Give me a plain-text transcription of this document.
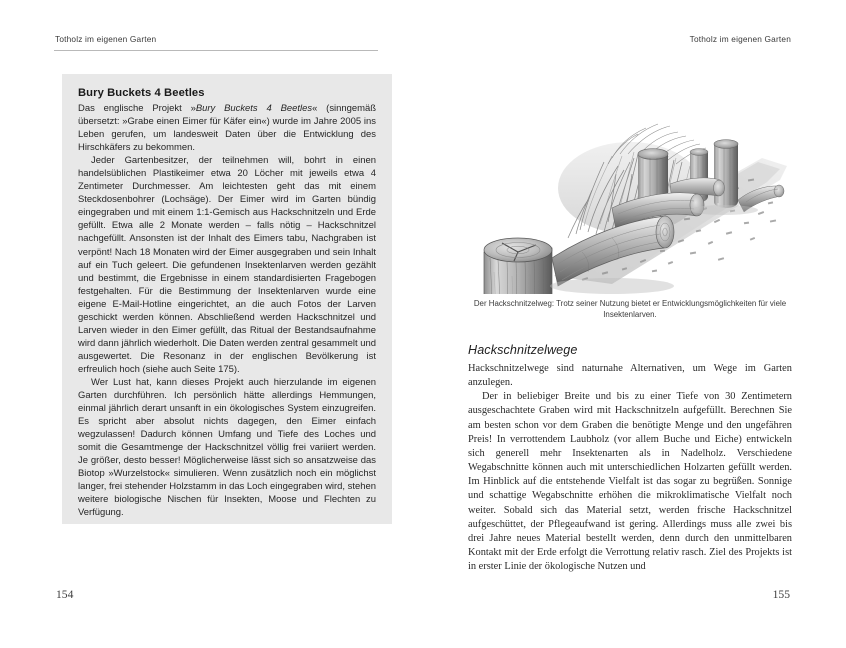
Totholz im eigenen Garten
Bury Buckets 4 Beetles

Das englische Projekt »Bury Buckets 4 Beetles« (sinngemäß übersetzt: »Grabe einen Eimer für Käfer ein«) wurde im Jahre 2005 ins Leben gerufen, um landesweit Daten über die Entwicklung des Hirschkäfers zu bekommen.

Jeder Gartenbesitzer, der teilnehmen will, bohrt in einen handelsüblichen Plastikeimer etwa 20 Löcher mit jeweils etwa 4 Zentimeter Durchmesser. Am leichtesten geht das mit einem Steckdosenbohrer (Lochsäge). Der Eimer wird im Garten bündig eingegraben und mit einem 1:1-Gemisch aus Hackschnitzeln und Erde gefüllt. Etwa alle 2 Monate werden – falls nötig – Hackschnitzel nachgefüllt. Ansonsten ist der Inhalt des Eimers tabu, Nachgraben ist verpönt! Nach 18 Monaten wird der Eimer ausgegraben und sein Inhalt auf ein Tuch geleert. Die gefundenen Insektenlarven werden gezählt und bestimmt, die Ergebnisse in einem standardisierten Fragebogen festgehalten. Für die Bestimmung der Insektenlarven wurde eine eigene E-Mail-Hotline eingerichtet, an die auch Fotos der Larven geschickt werden können. Abschließend werden Hackschnitzel und Larven wieder in den Eimer gefüllt, das Ritual der Bestandsaufnahme wird dann jährlich wiederholt. Die Daten werden zentral gesammelt und ausgewertet. Die Resonanz in der englischen Bevölkerung ist erfreulich hoch (siehe auch Seite 175).

Wer Lust hat, kann dieses Projekt auch hierzulande im eigenen Garten durchführen. Ich persönlich hätte allerdings Hemmungen, einmal jährlich derart unsanft in ein ökologisches System einzugreifen. Es spricht aber absolut nichts dagegen, den Eimer einfach wegzulassen! Dadurch können Umfang und Tiefe des Loches und somit die Gesamtmenge der Hackschnitzel völlig frei variiert werden. Je größer, desto besser! Möglicherweise lässt sich so ansatzweise das Biotop »Wurzelstock« simulieren. Wenn zusätzlich noch ein möglichst langer, frei stehender Holzstamm in das Loch eingegraben wird, stehen weitere biologische Nischen für Insekten, Moose und Flechten zu Verfügung.

154
Totholz im eigenen Garten
Der Hackschnitzelweg: Trotz seiner Nutzung bietet er Entwicklungsmöglichkeiten für viele Insektenlarven.
Hackschnitzelwege

Hackschnitzelwege sind naturnahe Alternativen, um Wege im Garten anzulegen.

Der in beliebiger Breite und bis zu einer Tiefe von 30 Zentimetern ausgeschachtete Graben wird mit Hackschnitzeln aufgefüllt. Berechnen Sie am besten schon vor dem Graben die benötigte Menge und den ungefähren Preis! In verrottendem Laubholz (vor allem Buche und Eiche) entwickeln sich generell mehr Insektenarten als in Nadelholz. Verschiedene Wegabschnitte können auch mit unterschiedlichen Holzarten gefüllt werden. Im Hinblick auf die entstehende Vielfalt ist das sogar zu begrüßen. Sonnige und schattige Wegabschnitte erhöhen die mikroklimatische Vielfalt noch weiter. Sobald sich das Material setzt, werden frische Hackschnitzel aufgeschüttet, der Pflegeaufwand ist gering. Allerdings muss alle zwei bis drei Jahre neues Material bestellt werden, denn durch den unmittelbaren Kontakt mit der Erde erfolgt die Verrottung relativ rasch. Ziel des Projekts ist in erster Linie der ökologische Nutzen und

155
